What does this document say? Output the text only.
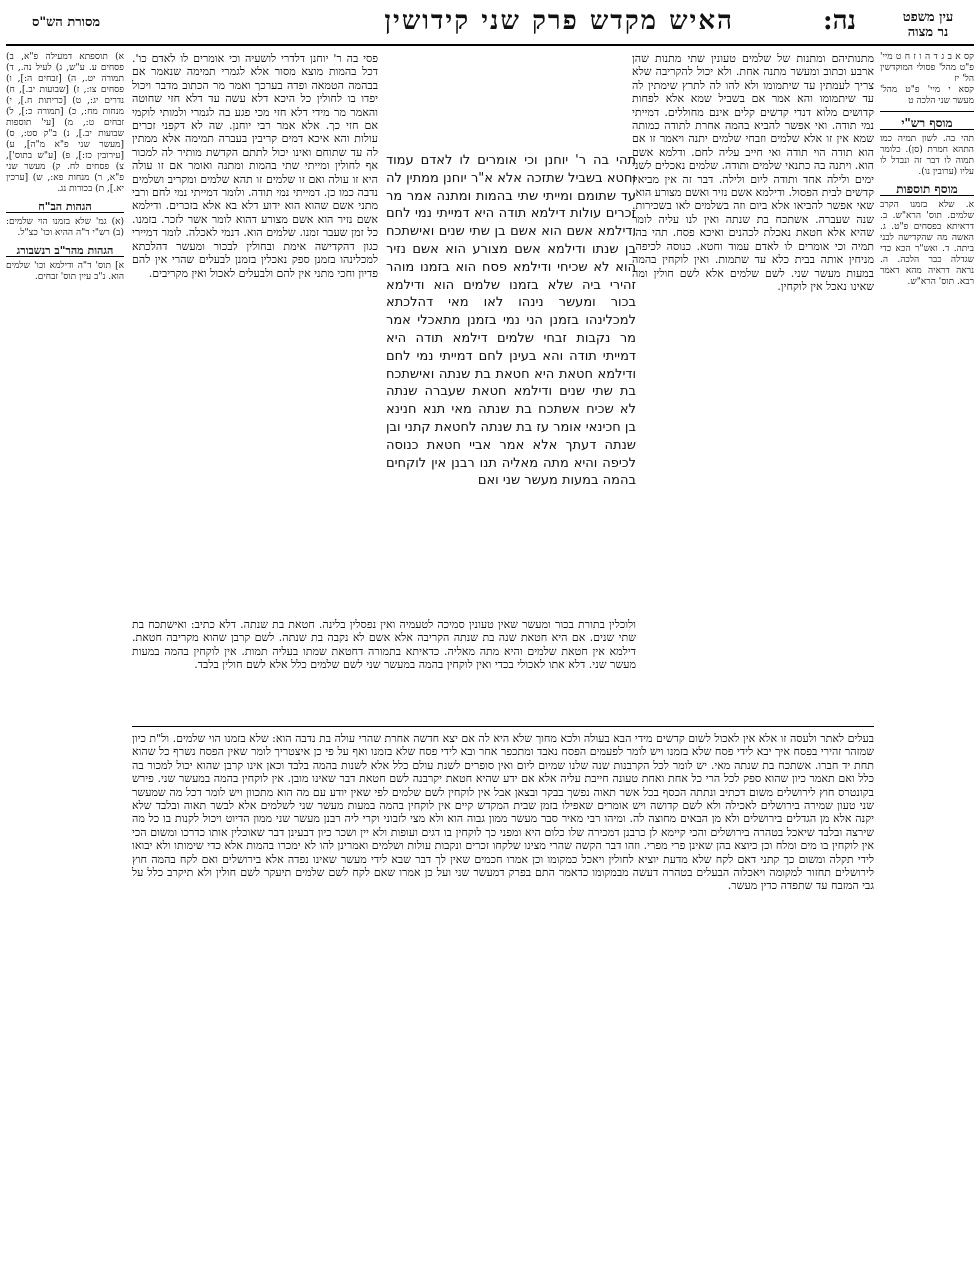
עין משפט
נר מצוה
נה:
האיש מקדש פרק שני קידושין
מסורת הש"ס

קס א ב ג ד ה ו ז ח ט מיי' פ"ט מהל' פסולי המוקדשין הל' יז

קסא י מיי' פ"ט מהל' מעשר שני הלכה ט

מוסף רש"י

תהי בה. לשון תמיה כמו התהא חמרת (סן). כלומר תמוה לו דבר זה ונבדל לו עליו (ערובין נו).

מוסף תוספות

א. שלא בזמנו הקרב שלמים. תוס' הרא"ש. ב. דראיתא בפסחים פ"ט. ג. האשה מה שהקדישה לבני ביתה. ד. ואש"ר הכא כדי שגדלה כבר הלכה. ה. נראה דראיה מהא דאמר רבא. תוס' הרא"ש.

א) תוספתא דמעילה פ"א, ב) פסחים ע. ע"ש, ג) לעיל נה., ד) תמורה יט., ה) [זבחים ה:], ו) פסחים צו:, ז) [שבועות יב.], ח) נדרים יג:, ט) [כריתות ח.], י) מנחות מח:, כ) [תמורה כ:], ל) זבחים ט:, מ) [עי' תוספות שבועות יב.], נ) ב"ק סט:, ס) [מעשר שני פ"א מ"ה], ע) [עירובין כז:], פ) [ע"ש בתוס'], צ) פסחים לח. ק) מעשר שני פ"א, ר) מנחות פא:, ש) [ערכין יא.], ת) בכורות נג.

הגהות הב"ח

(א) גמ' שלא בזמנו הוי שלמים: (ב) רש"י ד"ה ההיא וכו' כצ"ל.

הגהות מהר"ב רנשבורג

א] תוס' ד"ה ודילמא וכו' שלמים הוא. נ"ב עיין תוס' זבחים.

מתנותיהם ומתנות של שלמים טעונין שתי מתנות שהן ארבע וכתוב ומעשר מתנה אחת. ולא יכול להקריבה שלא צריך לעמתין עד שיתמומו ולא להו לה לתרץ שימתין לה עד שיתמומו והא אמר אם בשביל שמא אלא לפחות קדושים מלוא דנדי קדשים קלים אינם מחוללים. דמייתי נמי תודה. ואי אפשר להביא בהמה אחרת לתודה כמותה שמא אין זו אלא שלמים וזבחי שלמים יתנה ויאמר זו אם הוא תודה הוי תודה ואי חייב עליה לחם. ודלמא אשם הוא. ויתנה בה כתנאי שלמים ותודה. שלמים נאכלים לשני ימים ולילה אחד ותודה ליום ולילה. דבר זה אין מביאין קדשים לבית הפסול. ודילמא אשם נזיר ואשם מצורע הוא. שאי אפשר להביאו אלא ביום וזה בשלמים לאו בשכירות. שנה שעברה. אשתכח בת שנתה ואין לנו עליה לומר שהיא אלא חטאת נאכלת לכהנים ואיכא פסח. תהי בה. תמיה וכי אומרים לו לאדם עמוד וחטא. כנוסה לכיפה. מניחין אותה בבית כלא עד שתמות. ואין לוקחין בהמה במעות מעשר שני. לשם שלמים אלא לשם חולין ומה שאינו נאכל אין לוקחין.

תהי בה ר' יוחנן וכי אומרים לו לאדם עמוד וחטא בשביל שתזכה אלא א"ר יוחנן ממתין לה עד שתומם ומייתי שתי בהמות ומתנה אמר מר זכרים עולות דילמא תודה היא דמייתי נמי לחם ודילמא אשם הוא אשם בן שתי שנים ואישתכח בן שנתו ודילמא אשם מצורע הוא אשם נזיר הוא לא שכיחי ודילמא פסח הוא בזמנו מוהר זהירי ביה שלא בזמנו שלמים הוא ודילמא בכור ומעשר נינהו לאו מאי דהלכתא למכלינהו בזמנן הני נמי בזמנן מתאכלי אמר מר נקבות זבחי שלמים דילמא תודה היא דמייתי תודה והא בעינן לחם דמייתי נמי לחם ודילמא חטאת היא חטאת בת שנתה ואישתכח בת שתי שנים ודילמא חטאת שעברה שנתה לא שכיח אשתכח בת שנתה מאי תנא חנינא בן חכינאי אומר עז בת שנתה לחטאת קתני ובן שנתה דעתך אלא אמר אביי חטאת כנוסה לכיפה והיא מתה מאליה תנו רבנן אין לוקחים בהמה במעות מעשר שני ואם

פסי בה ר' יוחנן דלדרי לושעיה וכי אומרים לו לאדם כו'. דכל בהמות מוצא מסור אלא לגמרי תמימה שנאמר אם בבהמה הטמאה ופדה בערכך ואמר מר הכתוב מדבר ויכול יפדו בו לחולין כל היכא דלא עשה עד דלא חזי שחוטה והאמר מר מידי דלא חזי מכי פגע בה לגמרי ולמותי לוקמי אם חזי כך. אלא אמר רבי יוחנן. שה לא דקפני זכרים עולות והא איכא דמים קריבין בעברה תמימה אלא ממתין לה עד שתוחם ואינו יכול לתתם הקדשת מותיר לה למכור אף לחולין ומייתי שתי בהמות ומתנה ואומר אם זו עולה היא זו עולה ואם זו שלמים זו תהא שלמים ומקריב ושלמים נדבה כמו כן. דמייתי נמי תודה. ולומר דמייתי נמי לחם ורבי מתני אשם שהוא הוא ידוע דלא בא אלא בזכרים. ודילמא אשם נזיר הוא אשם מצורע דהוא לומר אשר לזכר. בזמנו. כל זמן שעבר זמנו. שלמים הוא. דנמי לאכלה. לומר דמיירי כגון דהקדישה אימת ובחולין לבכור ומעשר דהלכתא למכלינהו בזמנן ספק נאכלין בזמנן לבעלים שהרי אין להם פדיון וחכי מתני אין להם ולבעלים לאכול ואין מקריבים.

ולוכלין בתורת בכור ומעשר שאין טעונין סמיכה לטעמיה ואין נפסלין בלינה. חטאת בת שנתה. דלא כתיב: ואישתכח בת שתי שנים. אם היא חטאת שנה בת שנתה הקריבה אלא אשם לא נקבה בת שנתה. לשם קרבן שהוא מקריבה חטאת. דילמא אין חטאת שלמים והיא מתה מאליה. כדאיתא בתמורה דחטאת שמתו בעליה תמות. אין לוקחין בהמה במעות מעשר שני. דלא אתו לאכולי בכדי ואין לוקחין בהמה במעשר שני לשם שלמים כלל אלא לשם חולין בלבד.

בעלים לאתר ולעסה זו אלא אין לאכול לשום קדשים מידי הבא בעולה ולכא מחוך שלא היא לה אם יצא חדשה אחרת שהרי עולה בת נדבה הוא: שלא בזמנו הוי שלמים. ול"ת כיון שמזהר זהירי בפסח איך יבא לידי פסח שלא בזמנו ויש לומר לפעמים הפסח נאבד ומתכפר אחר ובא לידי פסח שלא בזמנו ואף על פי כן איצטריך לומר שאין הפסח נשרף כל שהוא תחת יד חברו. אשתכח בת שנתה מאי. יש לומר לכל הקרבנות שנה שלנו שמיום ליום ואין סופרים לשנת עולם כלל אלא לשנות בהמה בלבד וכאן אינו קרבן שהוא יכול למכור בה כלל ואם תאמר כיון שהוא ספק לכל הרי כל אחת ואחת טעונה חייבת עליה אלא אם ידע שהיא חטאת יקרבנה לשם חטאת דבר שאינו מובן. אין לוקחין בהמה במעשר שני. פירש בקונטרס חוץ לירושלים משום דכתיב ונתתה הכסף בכל אשר תאוה נפשך בבקר ובצאן אבל אין לוקחין לשם שלמים לפי שאין יודע עם מה הוא מתכוון ויש לומר דכל מה שמעשר שני טעון שמירה בירושלים לאכילה ולא לשם קדושה ויש אומרים שאפילו בזמן שבית המקדש קיים אין לוקחין בהמה במעות מעשר שני לשלמים אלא לבשר תאוה ובלבד שלא יקנה אלא מן הגדלים בירושלים ולא מן הבאים מחוצה לה. ומיהו רבי מאיר סבר מעשר ממון גבוה הוא ולא מצי לזבוני וקרי ליה רבנן מעשר שני ממון הדיוט ויכול לקנות בו כל מה שירצה ובלבד שיאכל בטהרה בירושלים והכי קיימא לן כרבנן דמכירה שלו כלום היא ומפני כך לוקחין בו דגים ועופות ולא יין ושכר כיון דבעינן דבר שאוכלין אותו כדרכו ומשום הכי אין לוקחין בו מים ומלח וכן כיוצא בהן שאינן פרי מפרי. וזהו דבר הקשה שהרי מצינו שלקחו זכרים ונקבות עולות ושלמים ואמרינן להו לא ימכרו בהמות אלא כדי שימותו ולא יבואו לידי תקלה ומשום כך קתני דאם לקח שלא מדעת יוציא לחולין ויאכל כמקומו וכן אמרו חכמים שאין לך דבר שבא לידי מעשר שאינו נפדה אלא בירושלים ואם לקח בהמה חוץ לירושלים תחזור למקומה ויאכלוה הבעלים בטהרה דעשה מבמקומו כדאמר התם בפרק דמעשר שני ועל כן אמרו שאם לקח לשם שלמים תיעקר לשם חולין ולא תיקרב כלל על גבי המזבח עד שתפדה כדין מעשר.
